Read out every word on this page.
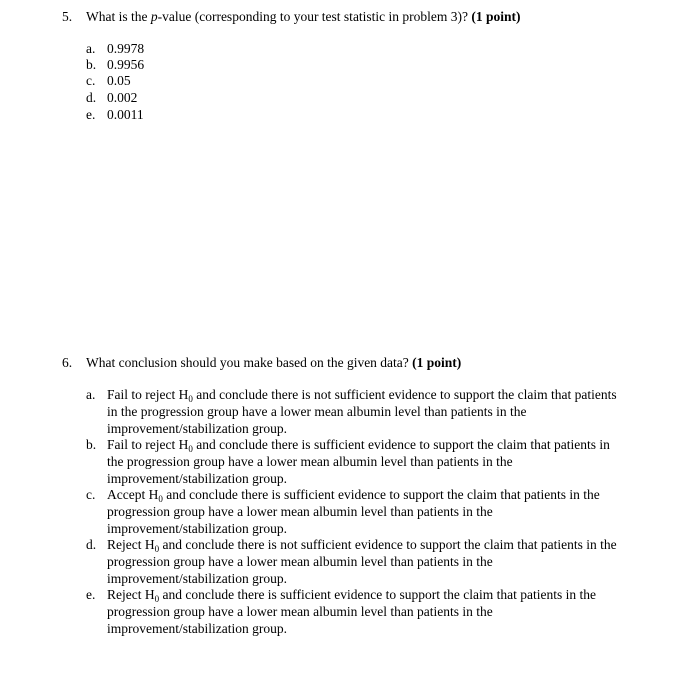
5. What is the p-value (corresponding to your test statistic in problem 3)? (1 point)
a. 0.9978
b. 0.9956
c. 0.05
d. 0.002
e. 0.0011
6. What conclusion should you make based on the given data? (1 point)
a. Fail to reject $H_0$ and conclude there is not sufficient evidence to support the claim that patients in the progression group have a lower mean albumin level than patients in the improvement/stabilization group.
b. Fail to reject $H_0$ and conclude there is sufficient evidence to support the claim that patients in the progression group have a lower mean albumin level than patients in the improvement/stabilization group.
c. Accept $H_0$ and conclude there is sufficient evidence to support the claim that patients in the progression group have a lower mean albumin level than patients in the improvement/stabilization group.
d. Reject $H_0$ and conclude there is not sufficient evidence to support the claim that patients in the progression group have a lower mean albumin level than patients in the improvement/stabilization group.
e. Reject $H_0$ and conclude there is sufficient evidence to support the claim that patients in the progression group have a lower mean albumin level than patients in the improvement/stabilization group.
